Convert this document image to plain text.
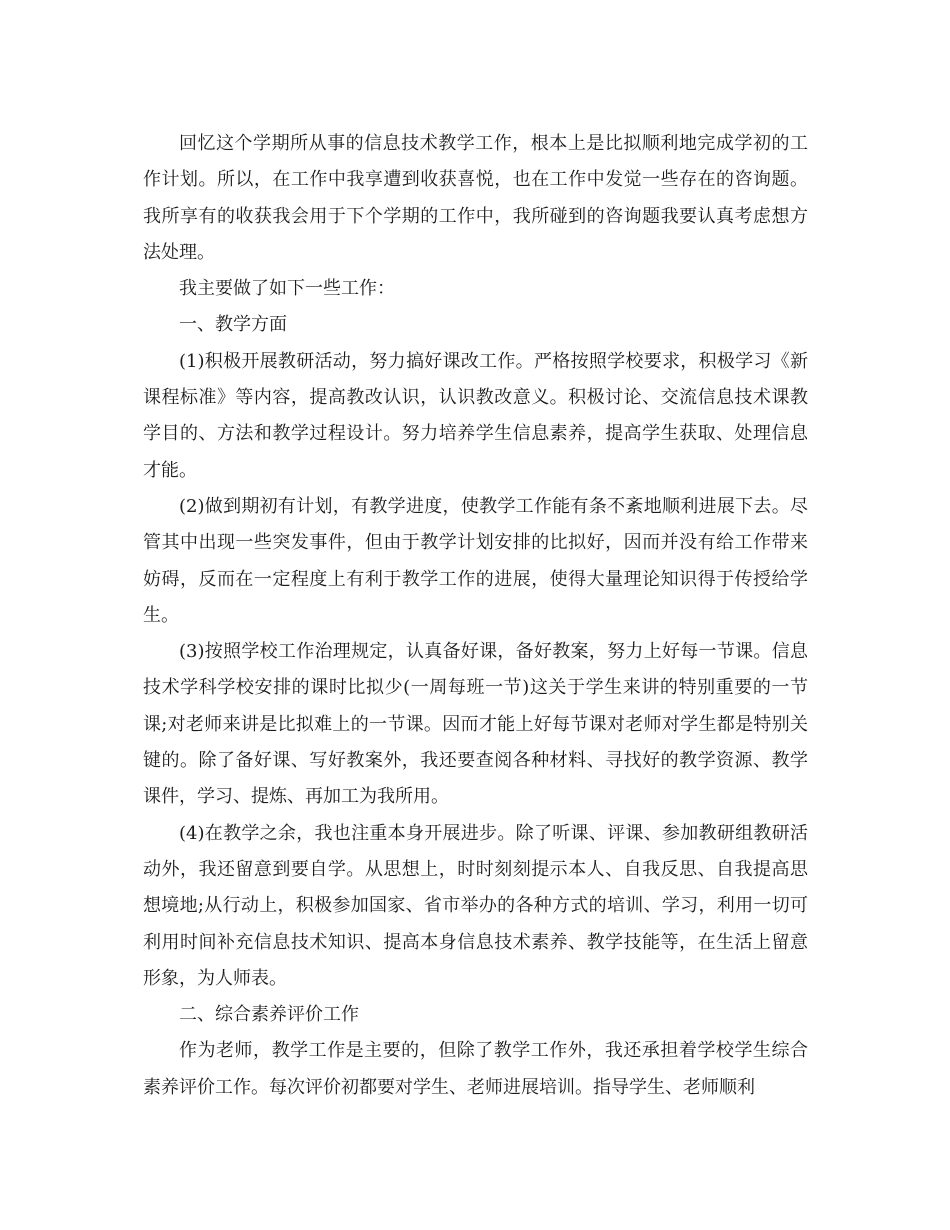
回忆这个学期所从事的信息技术教学工作，根本上是比拟顺利地完成学初的工作计划。所以，在工作中我享遭到收获喜悦，也在工作中发觉一些存在的咨询题。我所享有的收获我会用于下个学期的工作中，我所碰到的咨询题我要认真考虑想方法处理。

我主要做了如下一些工作：

一、教学方面

(1)积极开展教研活动，努力搞好课改工作。严格按照学校要求，积极学习《新课程标准》等内容，提高教改认识，认识教改意义。积极讨论、交流信息技术课教学目的、方法和教学过程设计。努力培养学生信息素养，提高学生获取、处理信息才能。

(2)做到期初有计划，有教学进度，使教学工作能有条不紊地顺利进展下去。尽管其中出现一些突发事件，但由于教学计划安排的比拟好，因而并没有给工作带来妨碍，反而在一定程度上有利于教学工作的进展，使得大量理论知识得于传授给学生。

(3)按照学校工作治理规定，认真备好课，备好教案，努力上好每一节课。信息技术学科学校安排的课时比拟少(一周每班一节)这关于学生来讲的特别重要的一节课;对老师来讲是比拟难上的一节课。因而才能上好每节课对老师对学生都是特别关键的。除了备好课、写好教案外，我还要查阅各种材料、寻找好的教学资源、教学课件，学习、提炼、再加工为我所用。

(4)在教学之余，我也注重本身开展进步。除了听课、评课、参加教研组教研活动外，我还留意到要自学。从思想上，时时刻刻提示本人、自我反思、自我提高思想境地;从行动上，积极参加国家、省市举办的各种方式的培训、学习，利用一切可利用时间补充信息技术知识、提高本身信息技术素养、教学技能等，在生活上留意形象，为人师表。

二、综合素养评价工作

作为老师，教学工作是主要的，但除了教学工作外，我还承担着学校学生综合素养评价工作。每次评价初都要对学生、老师进展培训。指导学生、老师顺利
